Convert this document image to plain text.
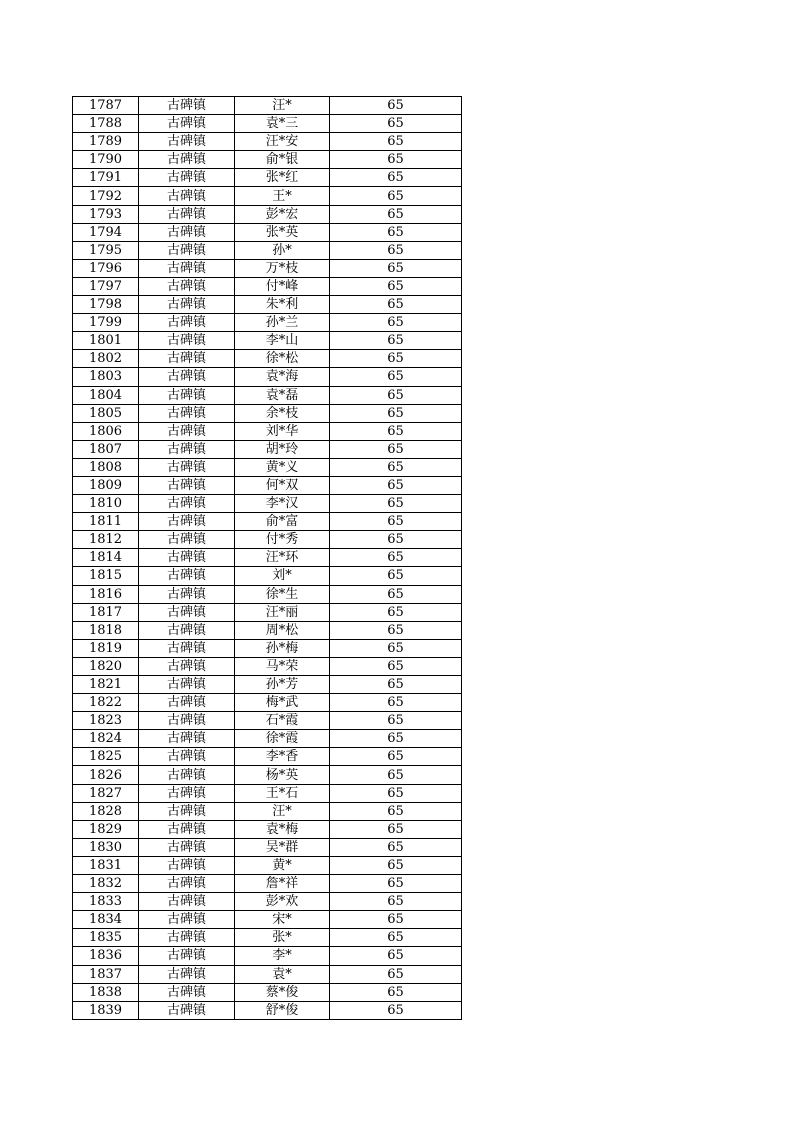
1787	古碑镇	汪*	65
1788	古碑镇	袁*三	65
1789	古碑镇	汪*安	65
1790	古碑镇	俞*银	65
1791	古碑镇	张*红	65
1792	古碑镇	王*	65
1793	古碑镇	彭*宏	65
1794	古碑镇	张*英	65
1795	古碑镇	孙*	65
1796	古碑镇	万*枝	65
1797	古碑镇	付*峰	65
1798	古碑镇	朱*利	65
1799	古碑镇	孙*兰	65
1801	古碑镇	李*山	65
1802	古碑镇	徐*松	65
1803	古碑镇	袁*海	65
1804	古碑镇	袁*磊	65
1805	古碑镇	余*枝	65
1806	古碑镇	刘*华	65
1807	古碑镇	胡*玲	65
1808	古碑镇	黄*义	65
1809	古碑镇	何*双	65
1810	古碑镇	李*汉	65
1811	古碑镇	俞*富	65
1812	古碑镇	付*秀	65
1814	古碑镇	汪*环	65
1815	古碑镇	刘*	65
1816	古碑镇	徐*生	65
1817	古碑镇	汪*丽	65
1818	古碑镇	周*松	65
1819	古碑镇	孙*梅	65
1820	古碑镇	马*荣	65
1821	古碑镇	孙*芳	65
1822	古碑镇	梅*武	65
1823	古碑镇	石*霞	65
1824	古碑镇	徐*霞	65
1825	古碑镇	李*香	65
1826	古碑镇	杨*英	65
1827	古碑镇	王*石	65
1828	古碑镇	汪*	65
1829	古碑镇	袁*梅	65
1830	古碑镇	吴*群	65
1831	古碑镇	黄*	65
1832	古碑镇	詹*祥	65
1833	古碑镇	彭*欢	65
1834	古碑镇	宋*	65
1835	古碑镇	张*	65
1836	古碑镇	李*	65
1837	古碑镇	袁*	65
1838	古碑镇	蔡*俊	65
1839	古碑镇	舒*俊	65
